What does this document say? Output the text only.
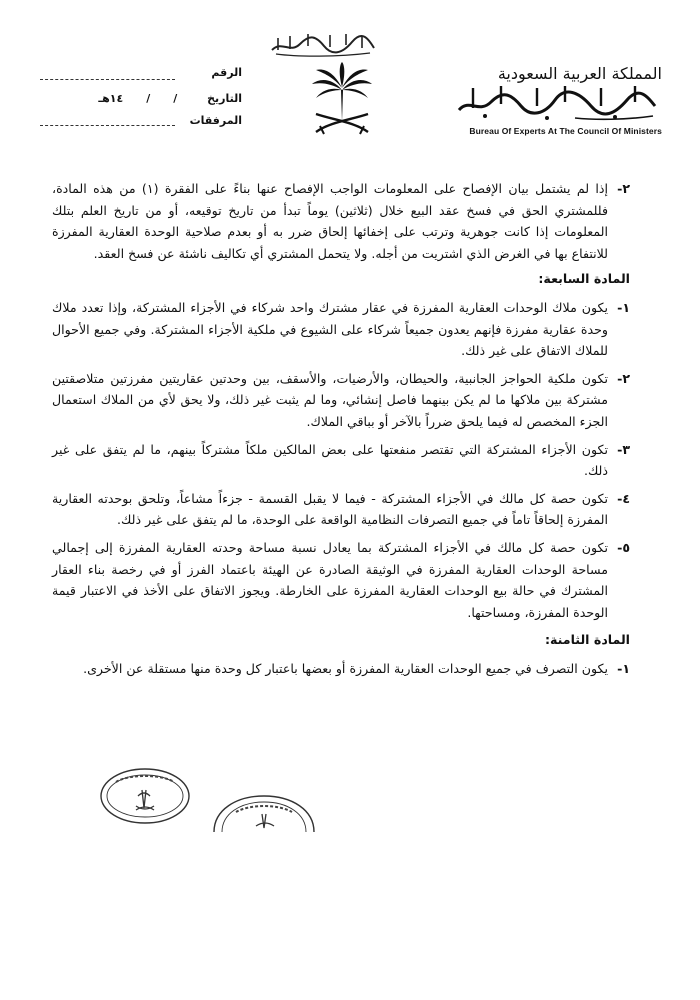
المملكة العربية السعودية
Bureau Of Experts At The Council Of Ministers
الرقم
التاريخ /      /      ١٤هـ
المرفقات
٢-
إذا لم يشتمل بيان الإفصاح على المعلومات الواجب الإفصاح عنها بناءً على الفقرة (١) من هذه المادة، فللمشتري الحق في فسخ عقد البيع خلال (ثلاثين) يوماً تبدأ من تاريخ توقيعه، أو من تاريخ العلم بتلك المعلومات إذا كانت جوهرية وترتب على إخفائها إلحاق ضرر به أو بعدم صلاحية الوحدة العقارية المفرزة للانتفاع بها في الغرض الذي اشتريت من أجله. ولا يتحمل المشتري أي تكاليف ناشئة عن فسخ العقد.
المادة السابعة:
١-
يكون ملاك الوحدات العقارية المفرزة في عقار مشترك واحد شركاء في الأجزاء المشتركة، وإذا تعدد ملاك وحدة عقارية مفرزة فإنهم يعدون جميعاً شركاء على الشيوع في ملكية الأجزاء المشتركة. وفي جميع الأحوال للملاك الاتفاق على غير ذلك.
٢-
تكون ملكية الحواجز الجانبية، والحيطان، والأرضيات، والأسقف، بين وحدتين عقاريتين مفرزتين متلاصقتين مشتركة بين ملاكها ما لم يكن بينهما فاصل إنشائي، وما لم يثبت غير ذلك، ولا يحق لأي من الملاك استعمال الجزء المخصص له فيما يلحق ضرراً بالآخر أو بباقي الملاك.
٣-
تكون الأجزاء المشتركة التي تقتصر منفعتها على بعض المالكين ملكاً مشتركاً بينهم، ما لم يتفق على غير ذلك.
٤-
تكون حصة كل مالك في الأجزاء المشتركة - فيما لا يقبل القسمة - جزءاً مشاعاً، وتلحق بوحدته العقارية المفرزة إلحاقاً تاماً في جميع التصرفات النظامية الواقعة على الوحدة، ما لم يتفق على غير ذلك.
٥-
تكون حصة كل مالك في الأجزاء المشتركة بما يعادل نسبة مساحة وحدته العقارية المفرزة إلى إجمالي مساحة الوحدات العقارية المفرزة في الوثيقة الصادرة عن الهيئة باعتماد الفرز أو في رخصة بناء العقار المشترك في حالة بيع الوحدات العقارية المفرزة على الخارطة. ويجوز الاتفاق على الأخذ في الاعتبار قيمة الوحدة المفرزة، ومساحتها.
المادة الثامنة:
١-
يكون التصرف في جميع الوحدات العقارية المفرزة أو بعضها باعتبار كل وحدة منها مستقلة عن الأخرى.
